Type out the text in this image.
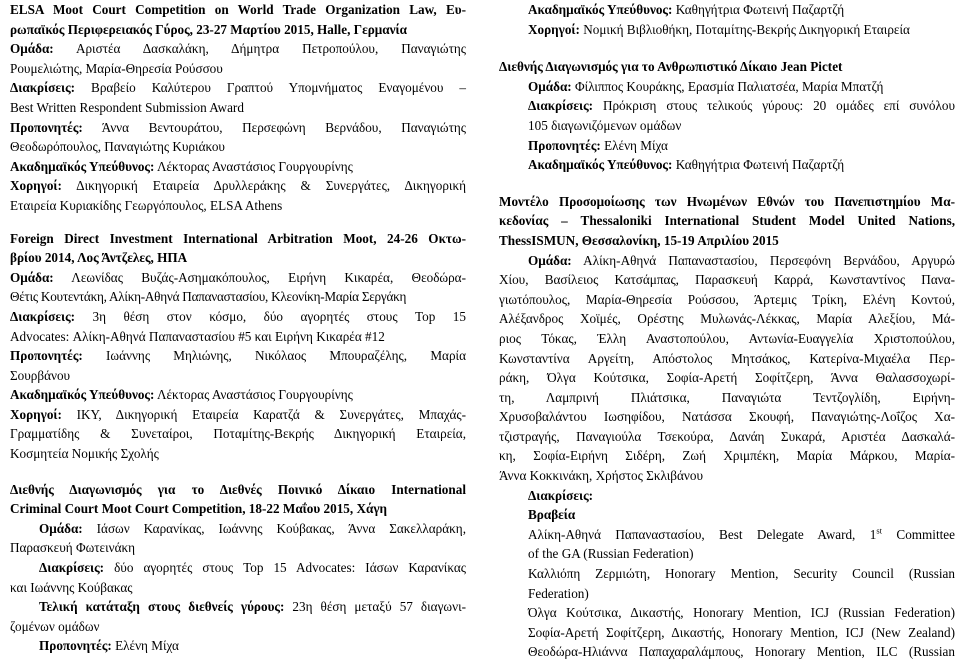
ELSA Moot Court Competition on World Trade Organization Law, Ευ-
ρωπαϊκός Περιφερειακός Γύρος, 23-27 Μαρτίου 2015, Halle, Γερμανία
Ομάδα: Αριστέα Δασκαλάκη, Δήμητρα Πετροπούλου, Παναγιώτης
Ρουμελιώτης, Μαρία-Θηρεσία Ρούσσου
Διακρίσεις: Βραβείο Καλύτερου Γραπτού Υπομνήματος Εναγομένου –
Best Written Respondent Submission Award
Προπονητές: Άννα Βεντουράτου, Περσεφώνη Βερνάδου, Παναγιώτης
Θεοδωρόπουλος, Παναγιώτης Κυριάκου
Ακαδημαϊκός Υπεύθυνος: Λέκτορας Αναστάσιος Γουργουρίνης
Χορηγοί: Δικηγορική Εταιρεία Δρυλλεράκης & Συνεργάτες, Δικηγορική
Εταιρεία Κυριακίδης Γεωργόπουλος, ELSA Athens
Foreign Direct Investment International Arbitration Moot, 24-26 Οκτω-
βρίου 2014, Λος Άντζελες, ΗΠΑ
Ομάδα: Λεωνίδας Βυζάς-Ασημακόπουλος, Ειρήνη Κικαρέα, Θεοδώρα-
Θέτις Κουτεντάκη, Αλίκη-Αθηνά Παπαναστασίου, Κλεονίκη-Μαρία Σεργάκη
Διακρίσεις: 3η θέση στον κόσμο, δύο αγορητές στους Top 15
Advocates: Αλίκη-Αθηνά Παπαναστασίου #5 και Ειρήνη Κικαρέα #12
Προπονητές: Ιωάννης Μηλιώνης, Νικόλαος Μπουραζέλης, Μαρία
Σουρβάνου
Ακαδημαϊκός Υπεύθυνος: Λέκτορας Αναστάσιος Γουργουρίνης
Χορηγοί: ΙΚΥ, Δικηγορική Εταιρεία Καρατζά & Συνεργάτες, Μπαχάς-
Γραμματίδης & Συνεταίροι, Ποταμίτης-Βεκρής Δικηγορική Εταιρεία,
Κοσμητεία Νομικής Σχολής
Διεθνής Διαγωνισμός για το Διεθνές Ποινικό Δίκαιο International
Criminal Court Moot Court Competition, 18-22 Μαΐου 2015, Χάγη
Ομάδα: Ιάσων Καρανίκας, Ιωάννης Κούβακας, Άννα Σακελλαράκη,
Παρασκευή Φωτεινάκη
Διακρίσεις: δύο αγορητές στους Top 15 Advocates: Ιάσων Καρανίκας
και Ιωάννης Κούβακας
Τελική κατάταξη στους διεθνείς γύρους: 23η θέση μεταξύ 57 διαγωνι-
ζομένων ομάδων
Προπονητές: Ελένη Μίχα
Ακαδημαϊκός Υπεύθυνος: Καθηγήτρια Φωτεινή Παζαρτζή
Χορηγοί: Νομική Βιβλιοθήκη, Ποταμίτης-Βεκρής Δικηγορική Εταιρεία
Διεθνής Διαγωνισμός για το Ανθρωπιστικό Δίκαιο Jean Pictet
Ομάδα: Φίλιππος Κουράκης, Ερασμία Παλιατσέα, Μαρία Μπατζή
Διακρίσεις: Πρόκριση στους τελικούς γύρους: 20 ομάδες επί συνόλου
105 διαγωνιζόμενων ομάδων
Προπονητές: Ελένη Μίχα
Ακαδημαϊκός Υπεύθυνος: Καθηγήτρια Φωτεινή Παζαρτζή
Μοντέλο Προσομοίωσης των Ηνωμένων Εθνών του Πανεπιστημίου Μα-
κεδονίας – Thessaloniki International Student Model United Nations,
ThessISMUN, Θεσσαλονίκη, 15-19 Απριλίου 2015
Ομάδα: Αλίκη-Αθηνά Παπαναστασίου, Περσεφόνη Βερνάδου, Αργυρώ
Χίου, Βασίλειος Κατσάμπας, Παρασκευή Καρρά, Κωνσταντίνος Πανα-
γιωτόπουλος, Μαρία-Θηρεσία Ρούσσου, Άρτεμις Τρίκη, Ελένη Κοντού,
Αλέξανδρος Χοϊμές, Ορέστης Μυλωνάς-Λέκκας, Μαρία Αλεξίου, Μά-
ριος Τόκας, Έλλη Αναστοπούλου, Αντωνία-Ευαγγελία Χριστοπούλου,
Κωνσταντίνα Αργείτη, Απόστολος Μητσάκος, Κατερίνα-Μιχαέλα Περ-
ράκη, Όλγα Κούτσικα, Σοφία-Αρετή Σοφίτζερη, Άννα Θαλασσοχωρί-
τη, Λαμπρινή Πλιάτσικα, Παναγιώτα Τεντζογλίδη, Ειρήνη-
Χρυσοβαλάντου Ιωσηφίδου, Νατάσσα Σκουφή, Παναγιώτης-Λοΐζος Χα-
τζιστραγής, Παναγιούλα Τσεκούρα, Δανάη Συκαρά, Αριστέα Δασκαλά-
κη, Σοφία-Ειρήνη Σιδέρη, Ζωή Χριμπέκη, Μαρία Μάρκου, Μαρία-
Άννα Κοκκινάκη, Χρήστος Σκλιβάνου
Διακρίσεις:
Βραβεία
Αλίκη-Αθηνά Παπαναστασίου, Best Delegate Award, 1st Committee
of the GA (Russian Federation)
Καλλιόπη Ζερμιώτη, Honorary Mention, Security Council (Russian
Federation)
Όλγα Κούτσικα, Δικαστής, Honorary Mention, ICJ (Russian Federation)
Σοφία-Αρετή Σοφίτζερη, Δικαστής, Honorary Mention, ICJ (New Zealand)
Θεοδώρα-Ηλιάννα Παπαχαραλάμπους, Honorary Mention, ILC (Russian
